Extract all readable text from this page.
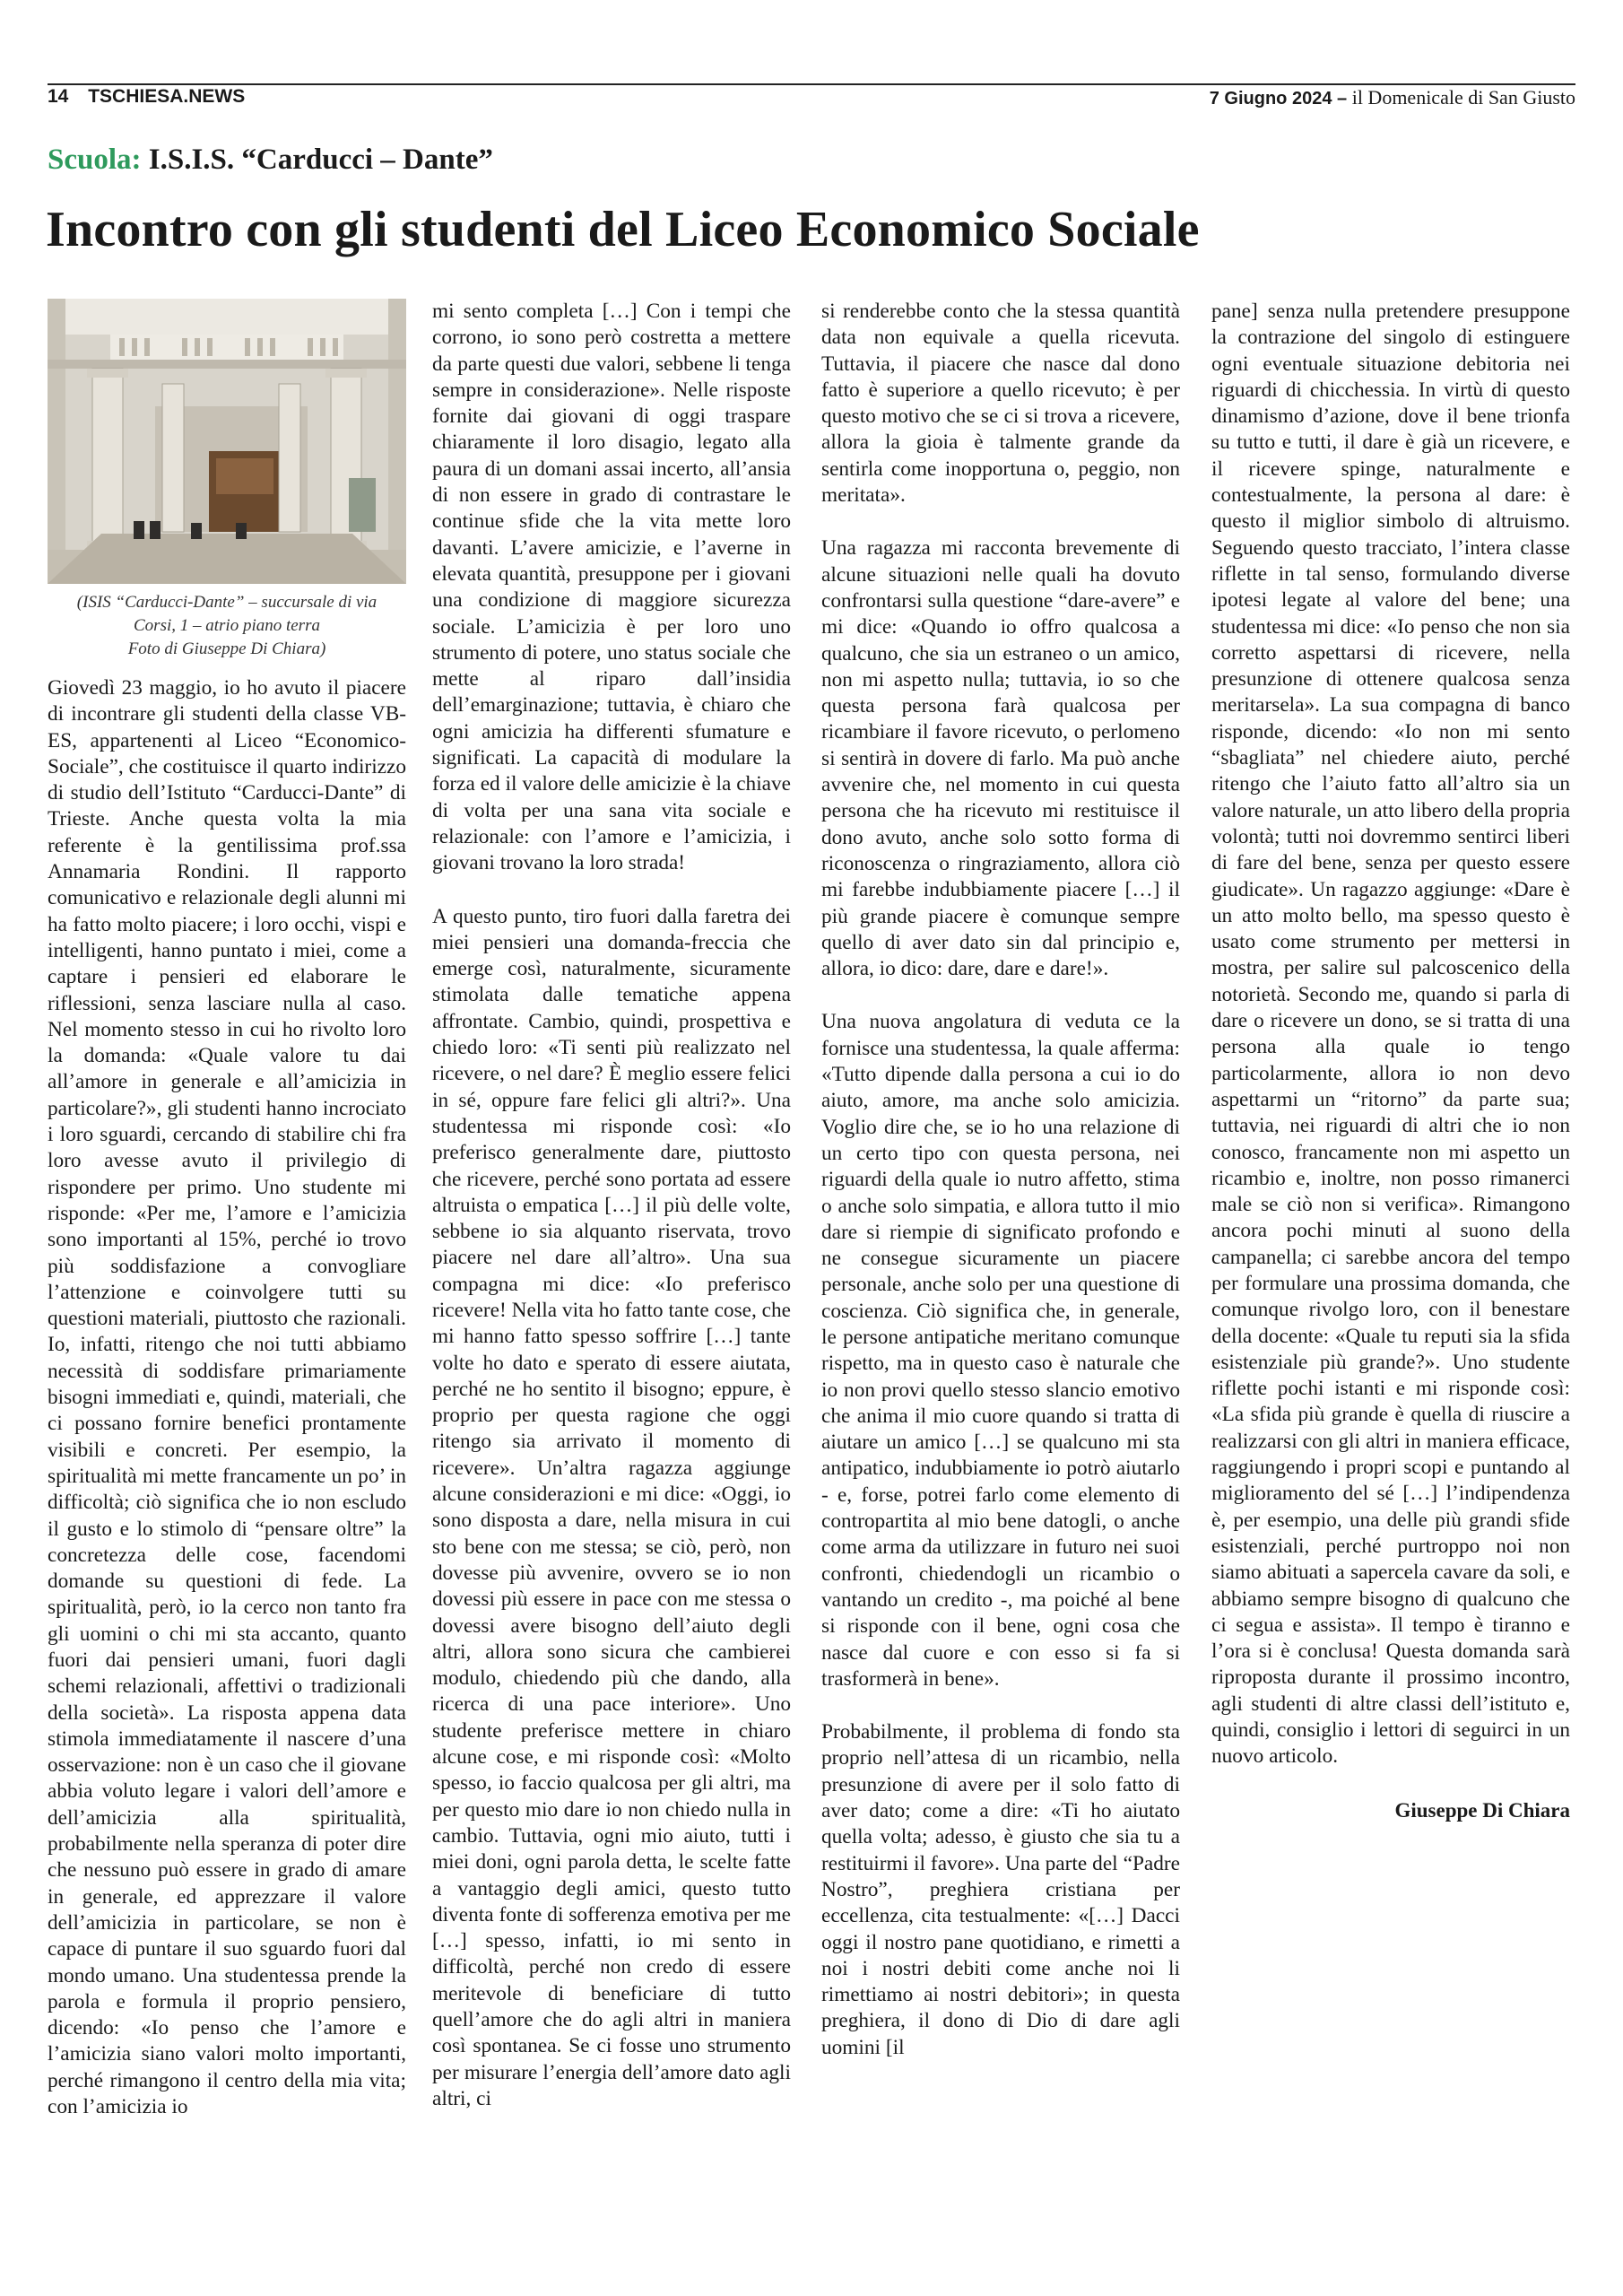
14 TSCHIESA.NEWS	7 Giugno 2024 – il Domenicale di San Giusto
Scuola: I.S.I.S. “Carducci – Dante”
Incontro con gli studenti del Liceo Economico Sociale
(ISIS “Carducci-Dante” – succursale di via
Corsi, 1 – atrio piano terra
Foto di Giuseppe Di Chiara)

Giovedì 23 maggio, io ho avuto il piacere di incontrare gli studenti della classe VB-ES, appartenenti al Liceo “Economico-Sociale”, che costituisce il quarto indirizzo di studio dell’Istituto “Carducci-Dante” di Trieste. Anche questa volta la mia referente è la gentilissima prof.ssa Annamaria Rondini. Il rapporto comunicativo e relazionale degli alunni mi ha fatto molto piacere; i loro occhi, vispi e intelligenti, hanno puntato i miei, come a captare i pensieri ed elaborare le riflessioni, senza lasciare nulla al caso. Nel momento stesso in cui ho rivolto loro la domanda: «Quale valore tu dai all’amore in generale e all’amicizia in particolare?», gli studenti hanno incrociato i loro sguardi, cercando di stabilire chi fra loro avesse avuto il privilegio di rispondere per primo. Uno studente mi risponde: «Per me, l’amore e l’amicizia sono importanti al 15%, perché io trovo più soddisfazione a convogliare l’attenzione e coinvolgere tutti su questioni materiali, piuttosto che razionali. Io, infatti, ritengo che noi tutti abbiamo necessità di soddisfare primariamente bisogni immediati e, quindi, materiali, che ci possano fornire benefici prontamente visibili e concreti. Per esempio, la spiritualità mi mette francamente un po’ in difficoltà; ciò significa che io non escludo il gusto e lo stimolo di “pensare oltre” la concretezza delle cose, facendomi domande su questioni di fede. La spiritualità, però, io la cerco non tanto fra gli uomini o chi mi sta accanto, quanto fuori dai pensieri umani, fuori dagli schemi relazionali, affettivi o tradizionali della società». La risposta appena data stimola immediatamente il nascere d’una osservazione: non è un caso che il giovane abbia voluto legare i valori dell’amore e dell’amicizia alla spiritualità, probabilmente nella speranza di poter dire che nessuno può essere in grado di amare in generale, ed apprezzare il valore dell’amicizia in particolare, se non è capace di puntare il suo sguardo fuori dal mondo umano. Una studentessa prende la parola e formula il proprio pensiero, dicendo: «Io penso che l’amore e l’amicizia siano valori molto importanti, perché rimangono il centro della mia vita; con l’amicizia io

mi sento completa […] Con i tempi che corrono, io sono però costretta a mettere da parte questi due valori, sebbene li tenga sempre in considerazione». Nelle risposte fornite dai giovani di oggi traspare chiaramente il loro disagio, legato alla paura di un domani assai incerto, all’ansia di non essere in grado di contrastare le continue sfide che la vita mette loro davanti. L’avere amicizie, e l’averne in elevata quantità, presuppone per i giovani una condizione di maggiore sicurezza sociale. L’amicizia è per loro uno strumento di potere, uno status sociale che mette al riparo dall’insidia dell’emarginazione; tuttavia, è chiaro che ogni amicizia ha differenti sfumature e significati. La capacità di modulare la forza ed il valore delle amicizie è la chiave di volta per una sana vita sociale e relazionale: con l’amore e l’amicizia, i giovani trovano la loro strada!

A questo punto, tiro fuori dalla faretra dei miei pensieri una domanda-freccia che emerge così, naturalmente, sicuramente stimolata dalle tematiche appena affrontate. Cambio, quindi, prospettiva e chiedo loro: «Ti senti più realizzato nel ricevere, o nel dare? È meglio essere felici in sé, oppure fare felici gli altri?». Una studentessa mi risponde così: «Io preferisco generalmente dare, piuttosto che ricevere, perché sono portata ad essere altruista o empatica […] il più delle volte, sebbene io sia alquanto riservata, trovo piacere nel dare all’altro». Una sua compagna mi dice: «Io preferisco ricevere! Nella vita ho fatto tante cose, che mi hanno fatto spesso soffrire […] tante volte ho dato e sperato di essere aiutata, perché ne ho sentito il bisogno; eppure, è proprio per questa ragione che oggi ritengo sia arrivato il momento di ricevere». Un’altra ragazza aggiunge alcune considerazioni e mi dice: «Oggi, io sono disposta a dare, nella misura in cui sto bene con me stessa; se ciò, però, non dovesse più avvenire, ovvero se io non dovessi più essere in pace con me stessa o dovessi avere bisogno dell’aiuto degli altri, allora sono sicura che cambierei modulo, chiedendo più che dando, alla ricerca di una pace interiore». Uno studente preferisce mettere in chiaro alcune cose, e mi risponde così: «Molto spesso, io faccio qualcosa per gli altri, ma per questo mio dare io non chiedo nulla in cambio. Tuttavia, ogni mio aiuto, tutti i miei doni, ogni parola detta, le scelte fatte a vantaggio degli amici, questo tutto diventa fonte di sofferenza emotiva per me […] spesso, infatti, io mi sento in difficoltà, perché non credo di essere meritevole di beneficiare di tutto quell’amore che do agli altri in maniera così spontanea. Se ci fosse uno strumento per misurare l’energia dell’amore dato agli altri, ci

si renderebbe conto che la stessa quantità data non equivale a quella ricevuta. Tuttavia, il piacere che nasce dal dono fatto è superiore a quello ricevuto; è per questo motivo che se ci si trova a ricevere, allora la gioia è talmente grande da sentirla come inopportuna o, peggio, non meritata».

Una ragazza mi racconta brevemente di alcune situazioni nelle quali ha dovuto confrontarsi sulla questione “dare-avere” e mi dice: «Quando io offro qualcosa a qualcuno, che sia un estraneo o un amico, non mi aspetto nulla; tuttavia, io so che questa persona farà qualcosa per ricambiare il favore ricevuto, o perlomeno si sentirà in dovere di farlo. Ma può anche avvenire che, nel momento in cui questa persona che ha ricevuto mi restituisce il dono avuto, anche solo sotto forma di riconoscenza o ringraziamento, allora ciò mi farebbe indubbiamente piacere […] il più grande piacere è comunque sempre quello di aver dato sin dal principio e, allora, io dico: dare, dare e dare!».

Una nuova angolatura di veduta ce la fornisce una studentessa, la quale afferma: «Tutto dipende dalla persona a cui io do aiuto, amore, ma anche solo amicizia. Voglio dire che, se io ho una relazione di un certo tipo con questa persona, nei riguardi della quale io nutro affetto, stima o anche solo simpatia, e allora tutto il mio dare si riempie di significato profondo e ne consegue sicuramente un piacere personale, anche solo per una questione di coscienza. Ciò significa che, in generale, le persone antipatiche meritano comunque rispetto, ma in questo caso è naturale che io non provi quello stesso slancio emotivo che anima il mio cuore quando si tratta di aiutare un amico […] se qualcuno mi sta antipatico, indubbiamente io potrò aiutarlo - e, forse, potrei farlo come elemento di contropartita al mio bene datogli, o anche come arma da utilizzare in futuro nei suoi confronti, chiedendogli un ricambio o vantando un credito -, ma poiché al bene si risponde con il bene, ogni cosa che nasce dal cuore e con esso si fa si trasformerà in bene».

Probabilmente, il problema di fondo sta proprio nell’attesa di un ricambio, nella presunzione di avere per il solo fatto di aver dato; come a dire: «Ti ho aiutato quella volta; adesso, è giusto che sia tu a restituirmi il favore». Una parte del “Padre Nostro”, preghiera cristiana per eccellenza, cita testualmente: «[…] Dacci oggi il nostro pane quotidiano, e rimetti a noi i nostri debiti come anche noi li rimettiamo ai nostri debitori»; in questa preghiera, il dono di Dio di dare agli uomini [il

pane] senza nulla pretendere presuppone la contrazione del singolo di estinguere ogni eventuale situazione debitoria nei riguardi di chicchessia. In virtù di questo dinamismo d’azione, dove il bene trionfa su tutto e tutti, il dare è già un ricevere, e il ricevere spinge, naturalmente e contestualmente, la persona al dare: è questo il miglior simbolo di altruismo. Seguendo questo tracciato, l’intera classe riflette in tal senso, formulando diverse ipotesi legate al valore del bene; una studentessa mi dice: «Io penso che non sia corretto aspettarsi di ricevere, nella presunzione di ottenere qualcosa senza meritarsela». La sua compagna di banco risponde, dicendo: «Io non mi sento “sbagliata” nel chiedere aiuto, perché ritengo che l’aiuto fatto all’altro sia un valore naturale, un atto libero della propria volontà; tutti noi dovremmo sentirci liberi di fare del bene, senza per questo essere giudicate». Un ragazzo aggiunge: «Dare è un atto molto bello, ma spesso questo è usato come strumento per mettersi in mostra, per salire sul palcoscenico della notorietà. Secondo me, quando si parla di dare o ricevere un dono, se si tratta di una persona alla quale io tengo particolarmente, allora io non devo aspettarmi un “ritorno” da parte sua; tuttavia, nei riguardi di altri che io non conosco, francamente non mi aspetto un ricambio e, inoltre, non posso rimanerci male se ciò non si verifica». Rimangono ancora pochi minuti al suono della campanella; ci sarebbe ancora del tempo per formulare una prossima domanda, che comunque rivolgo loro, con il benestare della docente: «Quale tu reputi sia la sfida esistenziale più grande?». Uno studente riflette pochi istanti e mi risponde così: «La sfida più grande è quella di riuscire a realizzarsi con gli altri in maniera efficace, raggiungendo i propri scopi e puntando al miglioramento del sé […] l’indipendenza è, per esempio, una delle più grandi sfide esistenziali, perché purtroppo noi non siamo abituati a sapercela cavare da soli, e abbiamo sempre bisogno di qualcuno che ci segua e assista». Il tempo è tiranno e l’ora si è conclusa! Questa domanda sarà riproposta durante il prossimo incontro, agli studenti di altre classi dell’istituto e, quindi, consiglio i lettori di seguirci in un nuovo articolo.

Giuseppe Di Chiara
